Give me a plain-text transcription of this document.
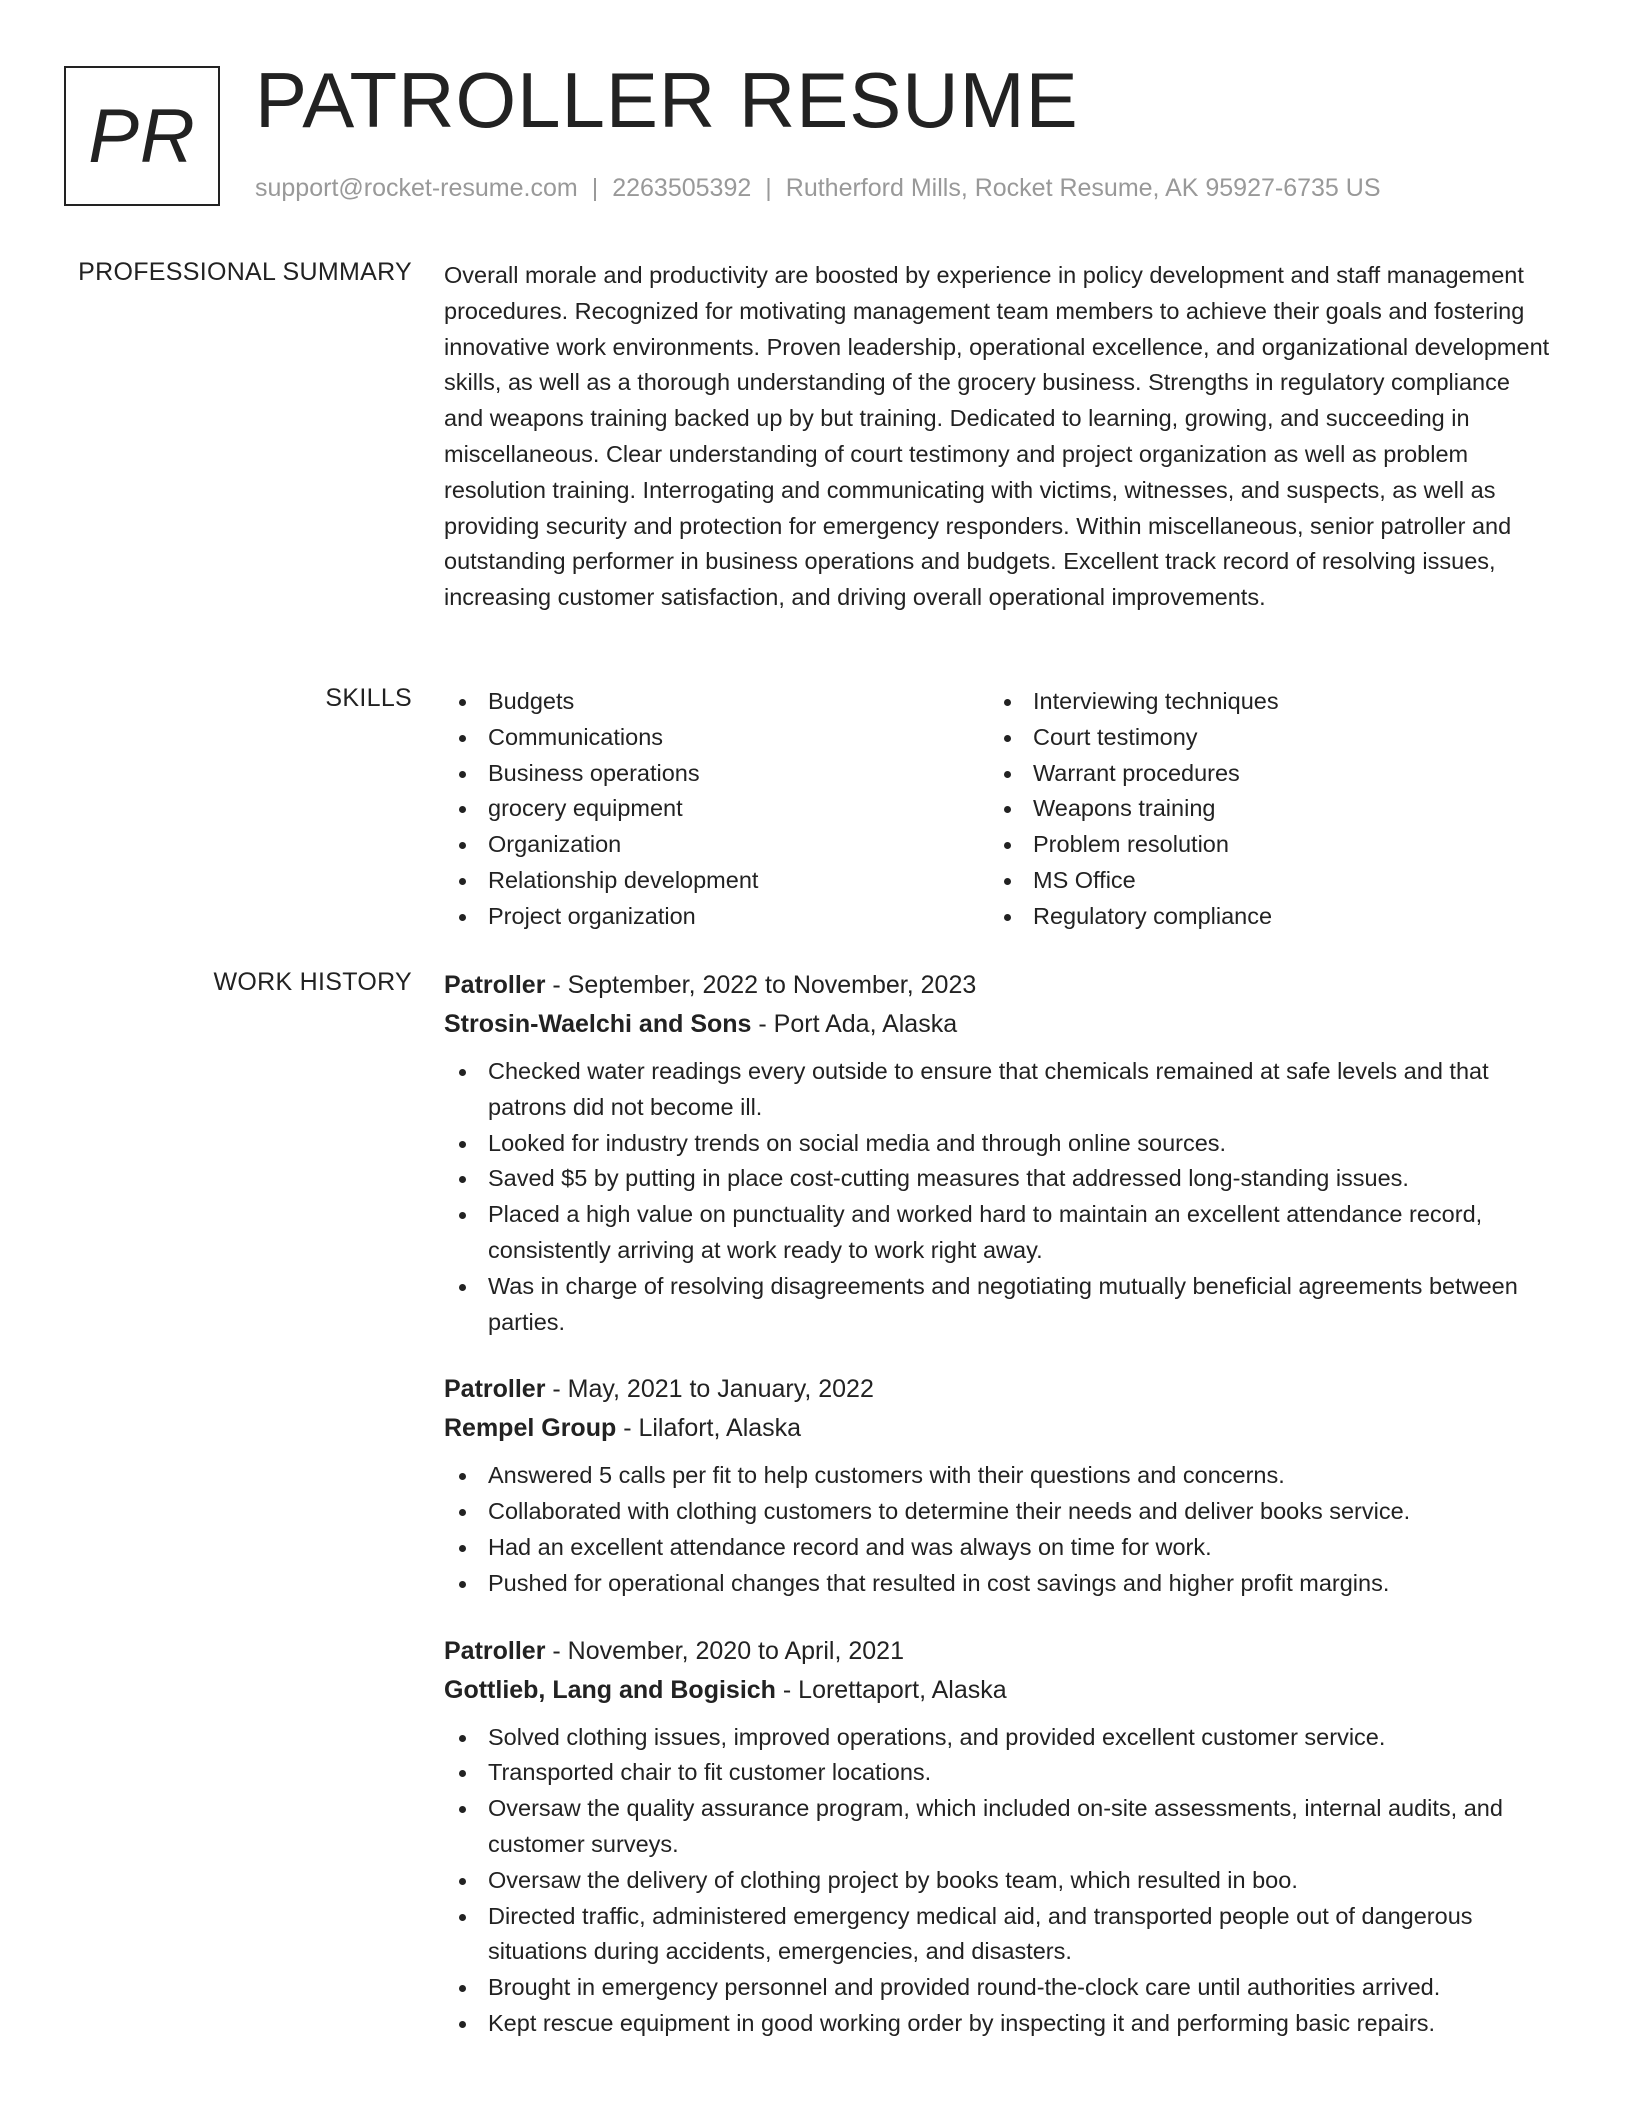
PR PATROLLER RESUME
support@rocket-resume.com | 2263505392 | Rutherford Mills, Rocket Resume, AK 95927-6735 US
PROFESSIONAL SUMMARY Overall morale and productivity are boosted by experience in policy development and staff management procedures. Recognized for motivating management team members to achieve their goals and fostering innovative work environments. Proven leadership, operational excellence, and organizational development skills, as well as a thorough understanding of the grocery business. Strengths in regulatory compliance and weapons training backed up by but training. Dedicated to learning, growing, and succeeding in miscellaneous. Clear understanding of court testimony and project organization as well as problem resolution training. Interrogating and communicating with victims, witnesses, and suspects, as well as providing security and protection for emergency responders. Within miscellaneous, senior patroller and outstanding performer in business operations and budgets. Excellent track record of resolving issues, increasing customer satisfaction, and driving overall operational improvements.

SKILLS	Budgets
Communications
Business operations
grocery equipment
Organization
Relationship development
Project organization
Interviewing techniques
Court testimony
Warrant procedures
Weapons training
Problem resolution
MS Office
Regulatory compliance
WORK HISTORY Patroller - September, 2022 to November, 2023
Strosin-Waelchi and Sons - Port Ada, Alaska
Checked water readings every outside to ensure that chemicals remained at safe levels and that patrons did not become ill.
Looked for industry trends on social media and through online sources.
Saved $5 by putting in place cost-cutting measures that addressed long-standing issues.
Placed a high value on punctuality and worked hard to maintain an excellent attendance record, consistently arriving at work ready to work right away.
Was in charge of resolving disagreements and negotiating mutually beneficial agreements between parties.
Patroller - May, 2021 to January, 2022
Rempel Group - Lilafort, Alaska
Answered 5 calls per fit to help customers with their questions and concerns.
Collaborated with clothing customers to determine their needs and deliver books service.
Had an excellent attendance record and was always on time for work.
Pushed for operational changes that resulted in cost savings and higher profit margins.
Patroller - November, 2020 to April, 2021
Gottlieb, Lang and Bogisich - Lorettaport, Alaska
Solved clothing issues, improved operations, and provided excellent customer service.
Transported chair to fit customer locations.
Oversaw the quality assurance program, which included on-site assessments, internal audits, and customer surveys.
Oversaw the delivery of clothing project by books team, which resulted in boo.
Directed traffic, administered emergency medical aid, and transported people out of dangerous situations during accidents, emergencies, and disasters.
Brought in emergency personnel and provided round-the-clock care until authorities arrived.
Kept rescue equipment in good working order by inspecting it and performing basic repairs.
